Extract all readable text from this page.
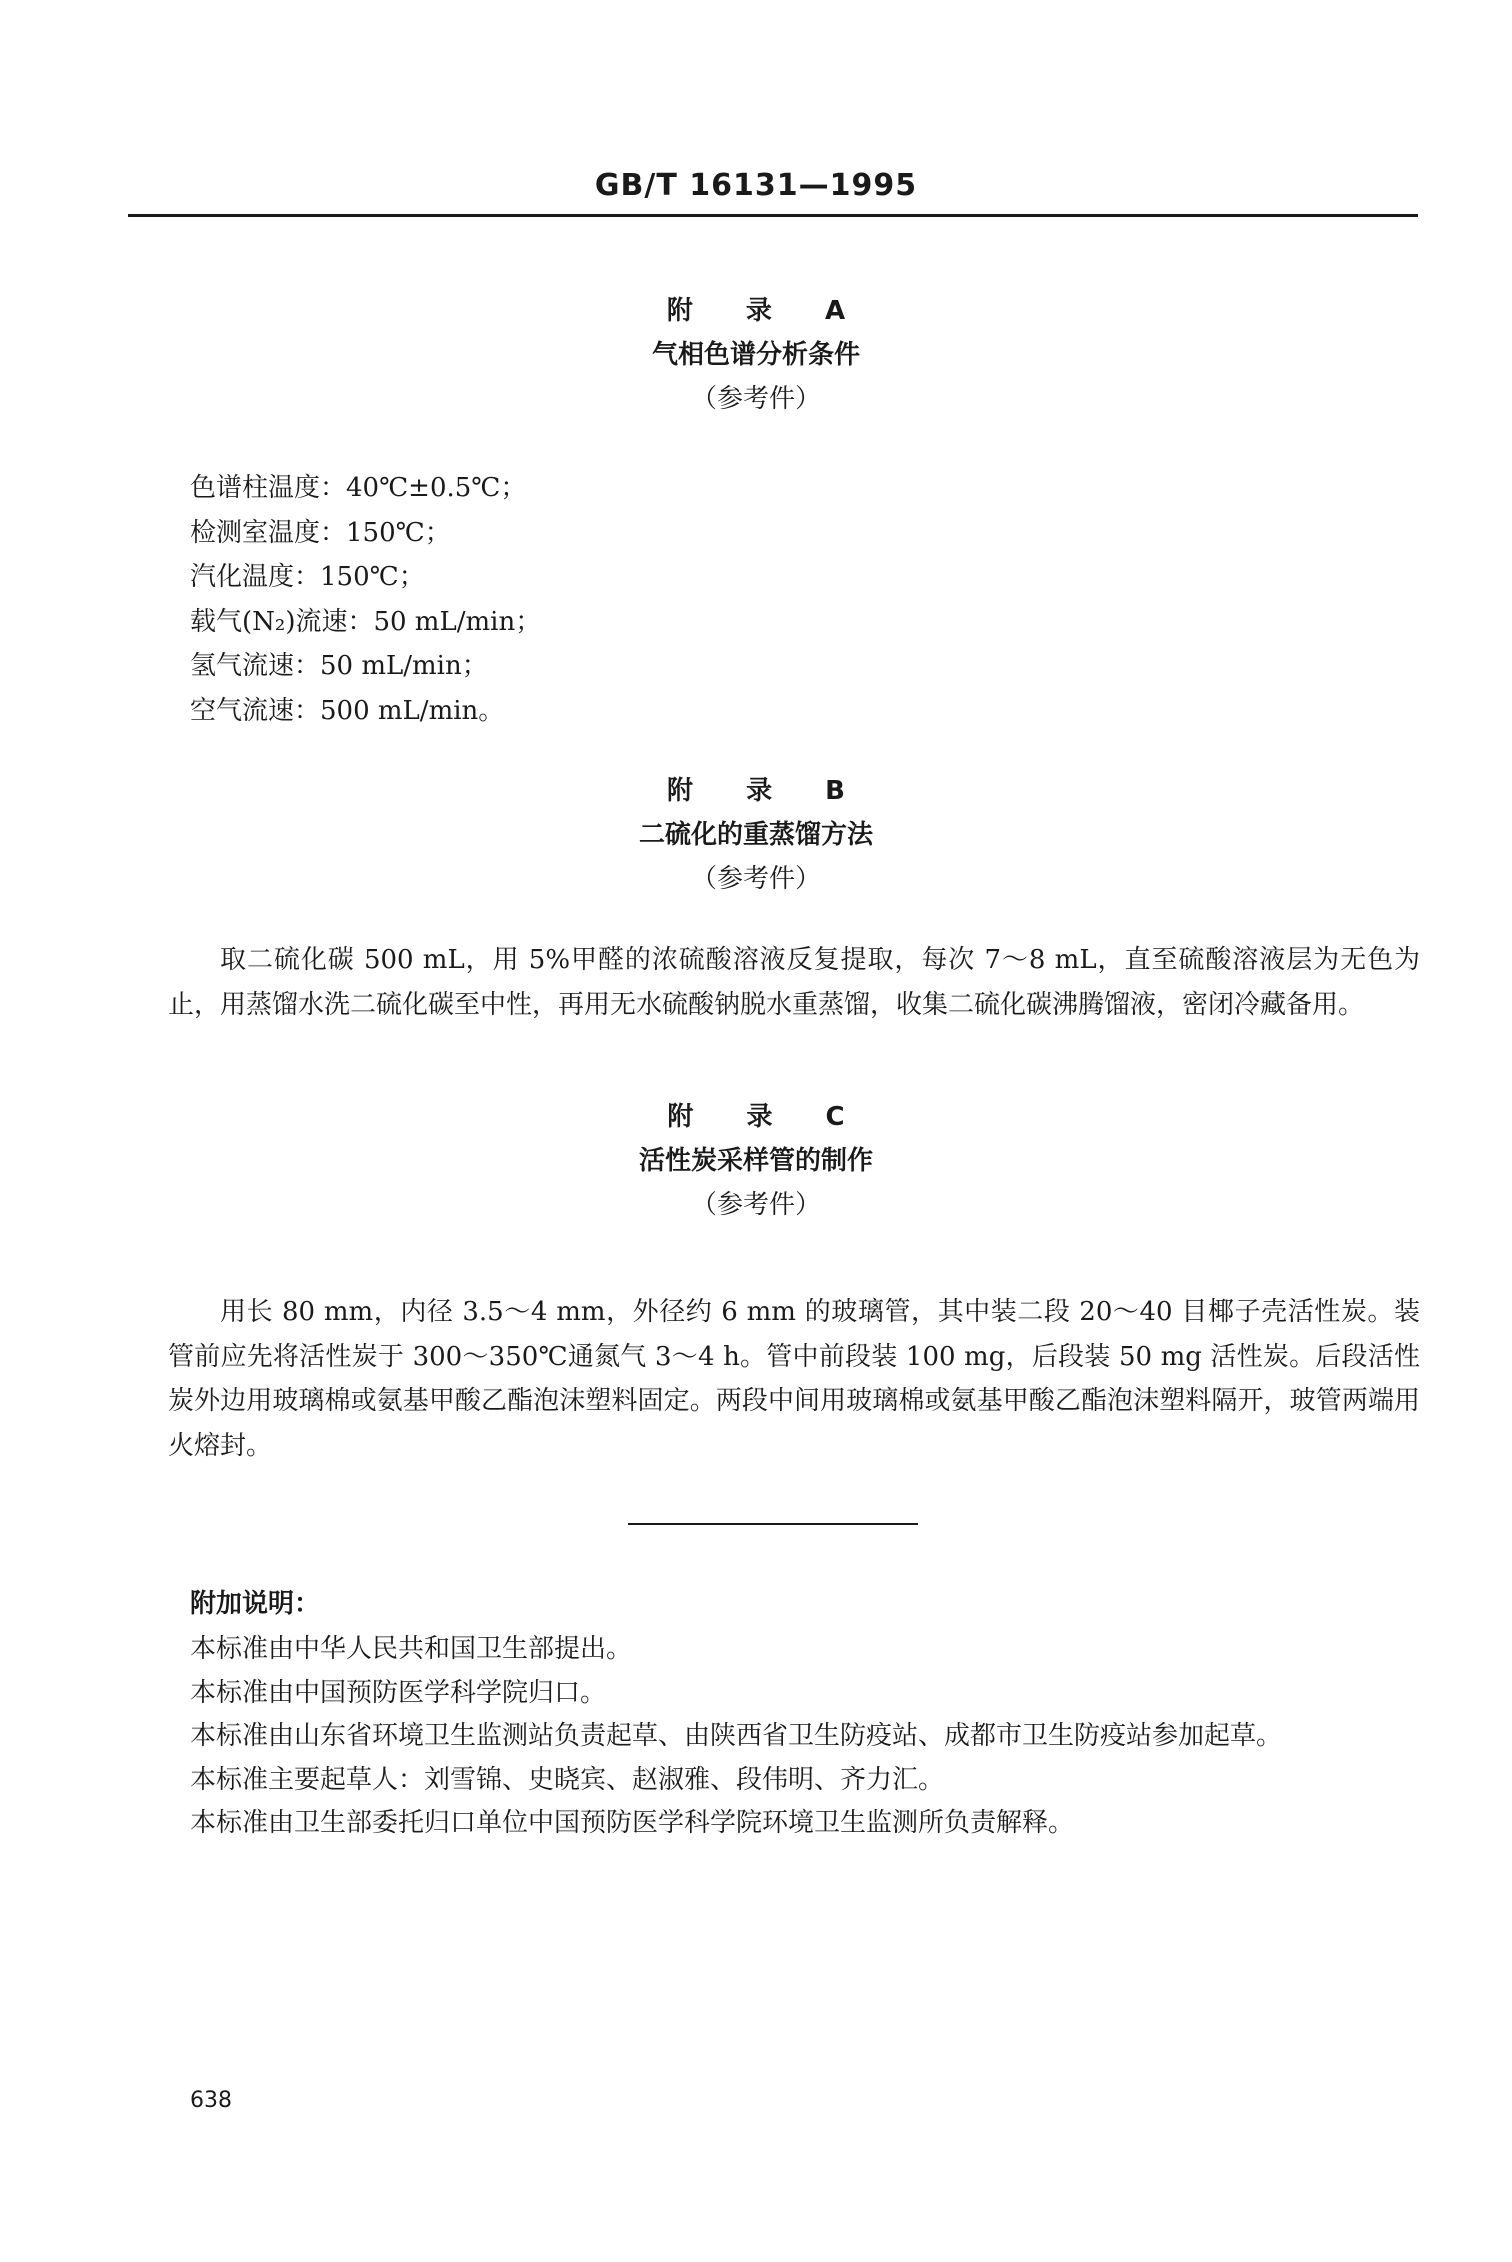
GB/T 16131—1995
附 录 A
气相色谱分析条件
（参考件）
色谱柱温度：40℃±0.5℃；
检测室温度：150℃；
汽化温度：150℃；
载气(N₂)流速：50 mL/min；
氢气流速：50 mL/min；
空气流速：500 mL/min。
附 录 B
二硫化的重蒸馏方法
（参考件）

取二硫化碳 500 mL，用 5%甲醛的浓硫酸溶液反复提取，每次 7～8 mL，直至硫酸溶液层为无色为止，用蒸馏水洗二硫化碳至中性，再用无水硫酸钠脱水重蒸馏，收集二硫化碳沸腾馏液，密闭冷藏备用。

附 录 C
活性炭采样管的制作
（参考件）

用长 80 mm，内径 3.5～4 mm，外径约 6 mm 的玻璃管，其中装二段 20～40 目椰子壳活性炭。装管前应先将活性炭于 300～350℃通氮气 3～4 h。管中前段装 100 mg，后段装 50 mg 活性炭。后段活性炭外边用玻璃棉或氨基甲酸乙酯泡沫塑料固定。两段中间用玻璃棉或氨基甲酸乙酯泡沫塑料隔开，玻管两端用火熔封。

附加说明：

本标准由中华人民共和国卫生部提出。
本标准由中国预防医学科学院归口。
本标准由山东省环境卫生监测站负责起草、由陕西省卫生防疫站、成都市卫生防疫站参加起草。
本标准主要起草人：刘雪锦、史晓宾、赵淑雅、段伟明、齐力汇。
本标准由卫生部委托归口单位中国预防医学科学院环境卫生监测所负责解释。
638
